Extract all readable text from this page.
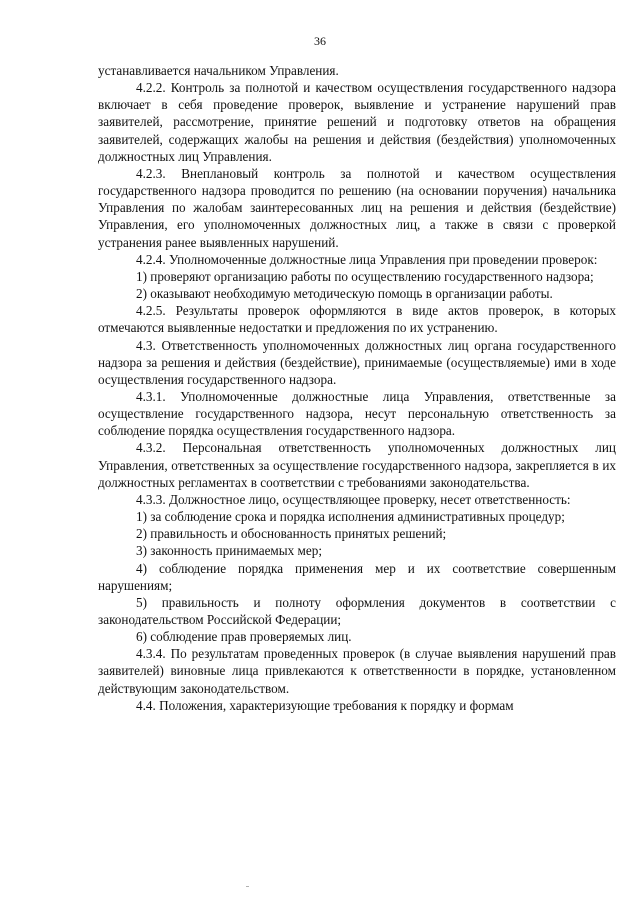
36

устанавливается начальником Управления.

4.2.2. Контроль за полнотой и качеством осуществления государственного надзора включает в себя проведение проверок, выявление и устранение нарушений прав заявителей, рассмотрение, принятие решений и подготовку ответов на обращения заявителей, содержащих жалобы на решения и действия (бездействия) уполномоченных должностных лиц Управления.

4.2.3. Внеплановый контроль за полнотой и качеством осуществления государственного надзора проводится по решению (на основании поручения) начальника Управления по жалобам заинтересованных лиц на решения и действия (бездействие) Управления, его уполномоченных должностных лиц, а также в связи с проверкой устранения ранее выявленных нарушений.

4.2.4. Уполномоченные должностные лица Управления при проведении проверок:

1) проверяют организацию работы по осуществлению государственного надзора;

2) оказывают необходимую методическую помощь в организации работы.

4.2.5. Результаты проверок оформляются в виде актов проверок, в которых отмечаются выявленные недостатки и предложения по их устранению.

4.3. Ответственность уполномоченных должностных лиц органа государственного надзора за решения и действия (бездействие), принимаемые (осуществляемые) ими в ходе осуществления государственного надзора.

4.3.1. Уполномоченные должностные лица Управления, ответственные за осуществление государственного надзора, несут персональную ответственность за соблюдение порядка осуществления государственного надзора.

4.3.2. Персональная ответственность уполномоченных должностных лиц Управления, ответственных за осуществление государственного надзора, закрепляется в их должностных регламентах в соответствии с требованиями законодательства.

4.3.3. Должностное лицо, осуществляющее проверку, несет ответственность:

1) за соблюдение срока и порядка исполнения административных процедур;

2) правильность и обоснованность принятых решений;

3) законность принимаемых мер;

4) соблюдение порядка применения мер и их соответствие совершенным нарушениям;

5) правильность и полноту оформления документов в соответствии с законодательством Российской Федерации;

6) соблюдение прав проверяемых лиц.

4.3.4. По результатам проведенных проверок (в случае выявления нарушений прав заявителей) виновные лица привлекаются к ответственности в порядке, установленном действующим законодательством.

4.4. Положения, характеризующие требования к порядку и формам
